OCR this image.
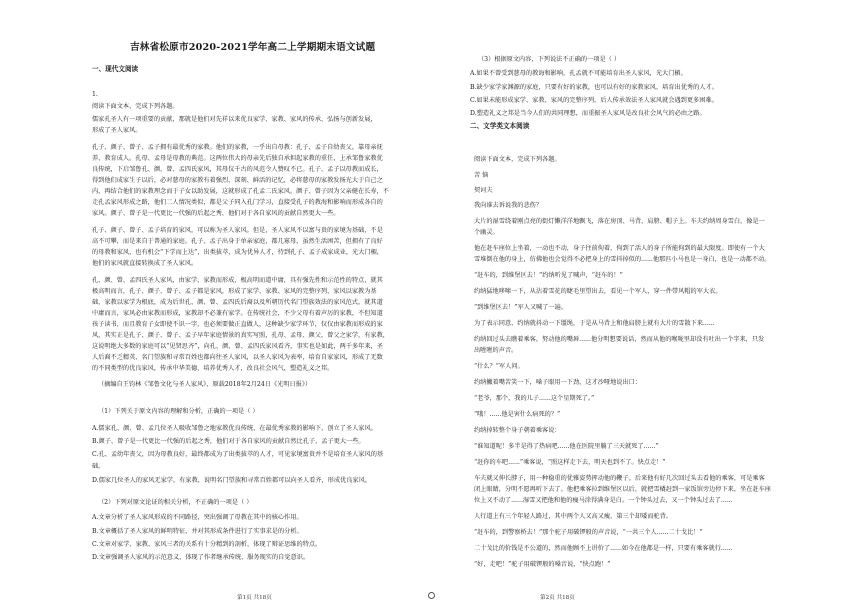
吉林省松原市2020-2021学年高二上学期期末语文试题
一、现代文阅读
1.
阅读下面文本，完成下列各题。
儒家孔圣人有一项重要的贡献，那就是他们对先祥以来优良家学、家教、家风的传承、弘扬与创新发展，
形成了圣人家风。
孔子、颜子、曾子、孟子拥有最优秀的家教。他们的家教，一乎出自母教：孔子、孟子自幼丧父，靠母亲抚
养、教育成人。孔母、孟母是母教的典范。这两位伟大的母亲先后独自承担起家教的重任，上承邹鲁家教优
良传统，下启邹鲁孔、颜、曾、孟四氏家风，其母仪千古的风范令人赞叹不已。孔子、孟子以母教而成长，
得到他们成家生子以后，必对慈母的家教有着强烈、深刻、鲜活的记忆，必将慈母的家教发扬光大于自己之
内，再结合他们的家教理念而于子女以助发展，这就形成了孔孟二氏家风。颜子、曾子因为父亲健在长寿，不
走孔孟家风形成之路，他们二人情况类似，都是父子同入孔门学习，直接受孔子的教海和影响而形成各自的
家风。颜子、曾子是一代更比一代强的后起之秀，他们对于各自家风的贡献自然更大一些。
孔子、颜子、曾子、孟子培育的家风，可以称为圣人家风。但是，圣人家风不以富与贵的家境为基础，不是
高不可攀，而是来自于普通的家庭。孔子、孟子出身于单亲家庭，都几寡母，虽然生活困苦，但拥有了良好
的母教和家风，也有机会“下学而上达”，出类拔萃，成为优异人才，待到孔子、孟子成家成业，光大门楣，
他们的家风就直接转换成了圣人家风。
孔、颜、曾、孟四氏圣人家风，由家学、家教而形成，极高明而道中庸，具有强先性和示范性的特点，就其
极高明而言，孔子、颜子、曾子、孟子都是家风，形成了家学、家教、家风的完整序列，家风以家教为基
础，家教以家学为根底，成为后世孔、颜、曾、孟四氏后裔以及所朝历代名门望族效法的家风范式。就其道
中庸而言，家风必由家教而形成，家教却不必兼有家学。在传统社会，不少父母有着声厉的家教，不但知道
孩子读书，而且教育子女即使不识一字，也必须要做正直做人，这种缺少家学环节，仅仅由家教而形成的家
风，其实正是孔子、颜子、曾子、孟子早年家庭情景的真实写照，孔母、孟母、颜父、曾父之家学，有家教，
这说明绝大多数的家庭可以“见贤思齐”，向孔、颜、曾、孟四氏家风看齐，事实也是如此，两千多年来，圣
人后裔不乏精英、名门望族和寻常百姓也都向往圣人家风，以圣人家风为表率，培育自家家风，形成了无数
的不同类型的优良家风，传承中华美德，培养优秀人才，改良社会风气，塑造礼义之邦。
（摘编自王钧林《邹鲁文化与圣人家风》，原载2018年2月24日《光明日报》）
（1）下列关于原文内容的理解和分析，正确的一项是（ ）
A.儒家孔、颜、曾、孟几位圣人吸收邹鲁之地家教优良传统，在最优秀家教的影响下，创立了圣人家风。
B.颜子、曾子是一代更比一代强的后起之秀，他们对于各自家风的贡献自然比孔子、孟子更大一些。
C.孔、孟幼年丧父，因为母教良好，最终都成为了出类拔萃的人才，可见家境富贵并不是培育圣人家风的基
础。
D.儒家几位圣人的家风无家学，有家教，说明名门望族和寻常百姓都可以向圣人看齐，形成优良家风。
（2）下列对原文论证的相关分析，不正确的一项是（ ）
A.文章分析了圣人家风形成的不同路径，突出强调了母教在其中的核心作用。
B.文章概括了圣人家风的鲜明特征，并对其形成条件进行了实事求是的分析。
C.文章对家学、家教、家风三者的关系有十分精到的剖析，体现了辩证思维的特点。
D.文章强调圣人家风的示范意义，体现了作者继承传统、服务现实的自觉意识。
（3）根据原文内容，下列说法不正确的一项是（ ）
A.如果不曾受到慈母的教诲和影响，孔孟就不可能培育出圣人家风，光大门楣。
B.缺少家学家渊源的家庭，只要有好的家教，也可以有好的家教家风，培育出优秀的人才。
C.如果未能形成家学、家教、家风的完整序列，后人传承效法圣人家风就会遇到更多困难。
D.塑造礼义之邦是当今人们的共同理想，而重振圣人家风是改良社会风气的必由之路。
二、文学类文本阅读
阅读下面文本，完成下列各题。
苦 恼
契诃夫
我向谁去诉说我的悲伤？
大片的湿雪绕着刚点亮的街灯懒洋洋地飘飞，落在房顶、马背、肩膀、帽子上。车夫约纳周身雪白，像是一
个幽灵。
他在赶车座位上坐着，一动也不动，身子往前佝着，佝到了活人的身子所能佝到的最大限度。即使有一个大
雪堆倒在他的身上，仿佛他也会觉得不必把身上的雪抖掉似的......他那匹小马也是一身白，也是一动都不动。
“赶车的，到维堡区去！”约纳听见了喊声，“赶车的！”
约纳猛地哆嗦一下，从沾着雪花的睫毛里望出去，看见一个军人，穿一件带风帽的军大衣。
“到维堡区去！”军人又喊了一遍。
为了表示同意，约纳就抖动一下缰绳，于是从马背上和他肩膀上就有大片的雪散下来......
约纳回过头去瞧着乘客，努动他的嘴唇......他分明想要说话，然而从他的喉咙里却没有吐出一个字来，只发
出咝咝的声音。
“什么？”军人问。
约纳撇着嘴苦笑一下，嗓子眼用一下劲，这才沙哑地说出口：
“老爷，那个，我的儿子......这个星期死了。”
“哦！......他是害什么病死的？”
约纳掉转整个身子朝着乘客说：
“谁知道呢！多半是得了热病吧......他在医院里躺了三天就死了......”
“赶你的车吧......”乘客说，“照这样走下去，明天也到不了。快点走！”
车夫就又伸长脖子，用一种稳重的优雅姿势挥动他的鞭子。后来他有好几次回过头去看他的乘客，可是乘客
闭上眼睛，分明不愿再听下去了。他把乘客拉到维堡区以后，就把雪橇赶到一家饭馆旁边停下来，坐在赶车座
位上又不动了......湿雪又把他和他的瘦马涂得满身是白。一个钟头过去，又一个钟头过去了......
人行道上有三个年轻人路过，其中两个人又高又瘦，第三个却矮而驼背。
“赶车的，到警察桥去！”那个驼子用破锣般的声音说，“一共三个人......二十戈比！”
二十戈比的价钱是不公道的，然而他顾不上讲价了......如今在他都是一样，只要有乘客就行......
“好，走吧！”驼子用破锣般的嗓音说，“快点跑！”
第1页 共18页	第2页 共18页
